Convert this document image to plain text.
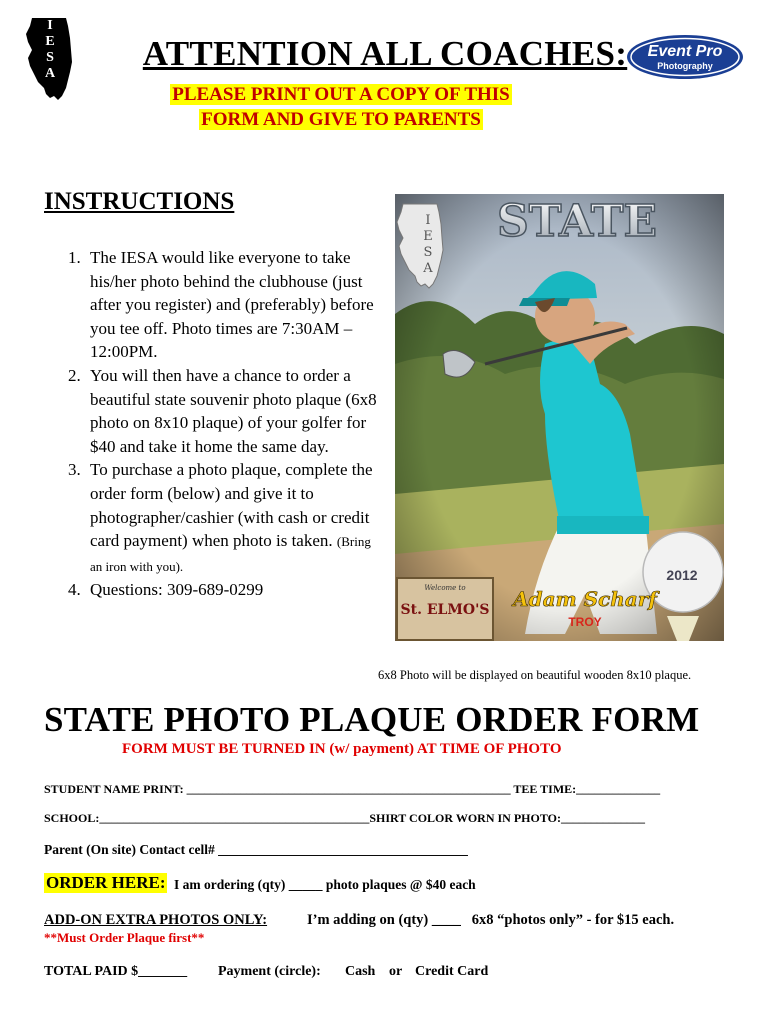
I
E
S
A
ATTENTION ALL COACHES:
PLEASE PRINT OUT A COPY OF THIS
FORM AND GIVE TO PARENTS
Event Pro
Photography
INSTRUCTIONS
1. The IESA would like everyone to take his/her photo behind the clubhouse (just after you register) and (preferably) before you tee off. Photo times are 7:30AM – 12:00PM.
2. You will then have a chance to order a beautiful state souvenir photo plaque (6x8 photo on 8x10 plaque) of your golfer for $40 and take it home the same day.
3. To purchase a photo plaque, complete the order form (below) and give it to photographer/cashier (with cash or credit card payment) when photo is taken. (Bring an iron with you).
4. Questions: 309-689-0299
STATE
I
E
S
A
2012
Welcome to
St. ELMO'S Adam Scharf
TROY
6x8 Photo will be displayed on beautiful wooden 8x10 plaque.
STATE PHOTO PLAQUE ORDER FORM
FORM MUST BE TURNED IN (w/ payment) AT TIME OF PHOTO
STUDENT NAME PRINT: ______________________________________________________ TEE TIME:______________
SCHOOL:_____________________________________________SHIRT COLOR WORN IN PHOTO:______________
Parent (On site) Contact cell# _____________________________________
ORDER HERE: I am ordering (qty) _____ photo plaques @ $40 each
ADD-ON EXTRA PHOTOS ONLY:	I’m adding on (qty) ____   6x8 “photos only” - for $15 each.
**Must Order Plaque first**
TOTAL PAID $_______ Payment (circle): Cash or Credit Card
